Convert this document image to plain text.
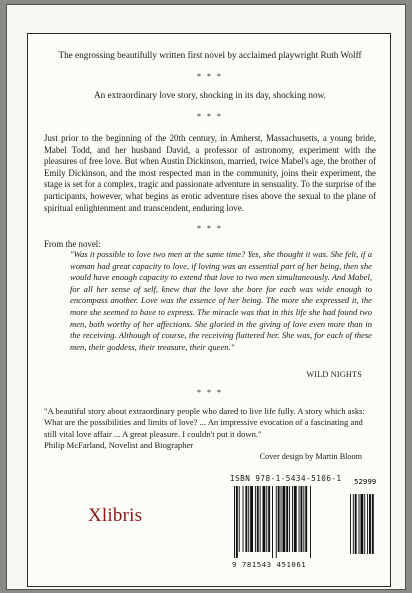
The engrossing beautifully written first novel by acclaimed playwright Ruth Wolff
* * *
An extraordinary love story, shocking in its day, shocking now.
* * *
Just prior to the beginning of the 20th century, in Amherst, Massachusetts, a young bride, Mabel Todd, and her husband David, a professor of astronomy, experiment with the pleasures of free love. But when Austin Dickinson, married, twice Mabel's age, the brother of Emily Dickinson, and the most respected man in the community, joins their experiment, the stage is set for a complex, tragic and passionate adventure in sensuality. To the surprise of the participants, however, what begins as erotic adventure rises above the sexual to the plane of spiritual enlightenment and transcendent, enduring love.
* * *
From the novel:
"Was it possible to love two men at the same time? Yes, she thought it was. She felt, if a woman had great capacity to love, if loving was an essential part of her being, then she would have enough capacity to extend that love to two men simultaneously. And Mabel, for all her sense of self, knew that the love she bore for each was wide enough to encompass another. Love was the essence of her being. The more she expressed it, the more she seemed to have to express. The miracle was that in this life she had found two men, both worthy of her affections. She gloried in the giving of love even more than in the receiving. Although of course, the receiving flattered her. She was, for each of these men, their goddess, their treasure, their queen."
WILD NIGHTS
* * *
"A beautiful story about extraordinary people who dared to live life fully. A story which asks: What are the possibilities and limits of love? ... An impressive evocation of a fascinating and still vital love affair ... A great pleasure. I couldn't put it down."
Philip McFarland, Novelist and Biographer
Cover design by Martin Bloom
Xlibris
ISBN 978-1-5434-5106-1 52999
9 781543 451061
